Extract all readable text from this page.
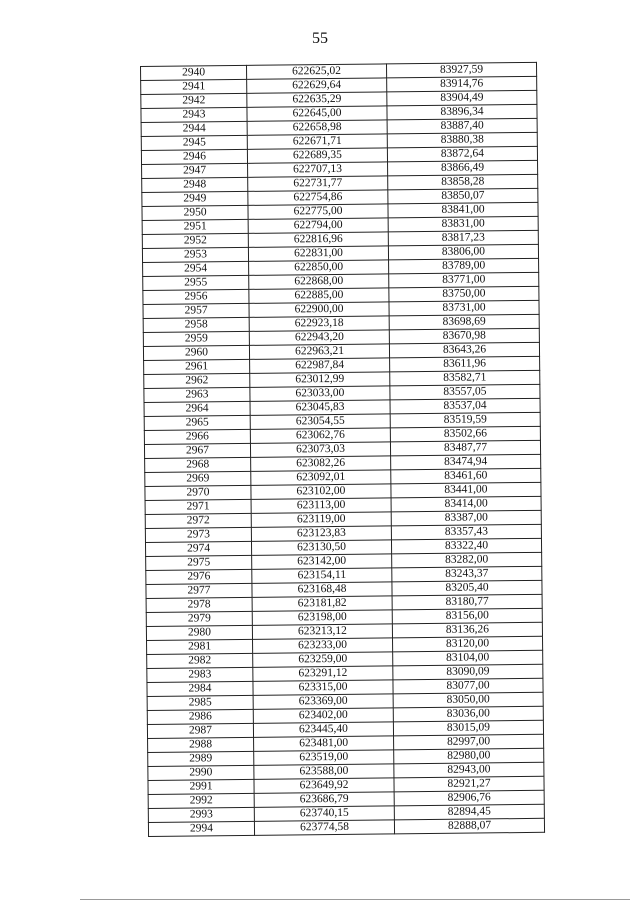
55
2940	622625,02	83927,59
2941	622629,64	83914,76
2942	622635,29	83904,49
2943	622645,00	83896,34
2944	622658,98	83887,40
2945	622671,71	83880,38
2946	622689,35	83872,64
2947	622707,13	83866,49
2948	622731,77	83858,28
2949	622754,86	83850,07
2950	622775,00	83841,00
2951	622794,00	83831,00
2952	622816,96	83817,23
2953	622831,00	83806,00
2954	622850,00	83789,00
2955	622868,00	83771,00
2956	622885,00	83750,00
2957	622900,00	83731,00
2958	622923,18	83698,69
2959	622943,20	83670,98
2960	622963,21	83643,26
2961	622987,84	83611,96
2962	623012,99	83582,71
2963	623033,00	83557,05
2964	623045,83	83537,04
2965	623054,55	83519,59
2966	623062,76	83502,66
2967	623073,03	83487,77
2968	623082,26	83474,94
2969	623092,01	83461,60
2970	623102,00	83441,00
2971	623113,00	83414,00
2972	623119,00	83387,00
2973	623123,83	83357,43
2974	623130,50	83322,40
2975	623142,00	83282,00
2976	623154,11	83243,37
2977	623168,48	83205,40
2978	623181,82	83180,77
2979	623198,00	83156,00
2980	623213,12	83136,26
2981	623233,00	83120,00
2982	623259,00	83104,00
2983	623291,12	83090,09
2984	623315,00	83077,00
2985	623369,00	83050,00
2986	623402,00	83036,00
2987	623445,40	83015,09
2988	623481,00	82997,00
2989	623519,00	82980,00
2990	623588,00	82943,00
2991	623649,92	82921,27
2992	623686,79	82906,76
2993	623740,15	82894,45
2994	623774,58	82888,07
